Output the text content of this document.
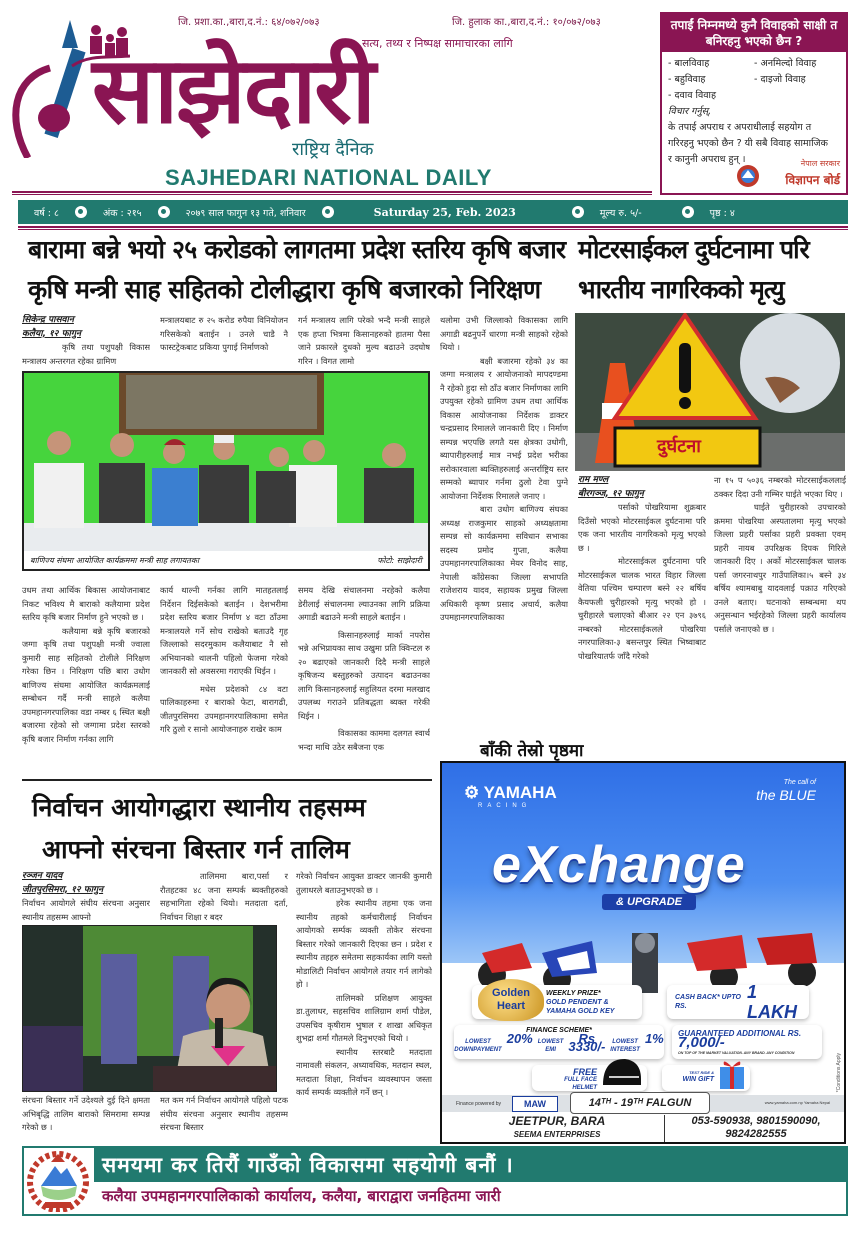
जि. प्रशा.का.,बारा,द.नं.: ६४/०७२/०७३	जि. हुलाक का.,बारा,द.नं.: १०/०७२/०७३
सत्य, तथ्य र निष्पक्ष सामाचारका लागि
साझेदारी
राष्ट्रिय दैनिक
SAJHEDARI NATIONAL DAILY
तपाईं निम्नमध्ये कुनै विवाहको साक्षी त बनिरहनु भएको छैन ?
- बालविवाह	- अनमिल्दो विवाह
- बहुविवाह	- दाइजो विवाह
- दवाव विवाह
विचार गर्नुस्,
के तपाई अपराध र अपराधीलाई सहयोग त गरिरहनु भएको छैन ? यी सबै विवाह सामाजिक र कानुनी अपराध हुन् ।	नेपाल सरकार
विज्ञापन बोर्ड
वर्ष : ८	अंक : २१५	२०७९ साल फागुन १३ गते, शनिवार	Saturday 25, Feb. 2023	मूल्य रु. ५/-	पृष्ठ : ४
बारामा बन्ने भयो २५ करोडको लागतमा प्रदेश स्तरिय कृषि बजार
कृषि मन्त्री साह सहितको टोलीद्धारा कृषि बजारको निरिक्षण
मोटरसाईकल दुर्घटनामा परि
भारतीय नागरिकको मृत्यु
सिकेन्द्र पासवान
कलैया, १२ फागुन
कृषि तथा पशुपक्षी विकास मन्त्रालय अन्तरगत रहेका ग्रामिण
मन्त्रालयबाट रु २५ करोड रुपैया विनियोजन गरिसकेको बताईन । उनले चाडै नै फास्टट्रेकबाट प्रकिया पुगाई निर्माणको
गर्न मन्त्रालय लागि परेको भन्दै मन्त्री साहले एक हप्ता भित्रमा किसानहरुको हातमा पैसा जाने प्रकारले दुधको मुल्य बढाउने उदघोष गरिन । विगत लामो
बाणिज्य संघमा आयोजित कार्यक्रममा मन्त्री साह लगायतका	फोटो: साझेदारी
उधम तथा आर्थिक बिकास आयोजनाबाट निकट भविश्य मै बाराको कलैयामा प्रदेश स्तरिय कृषि बजार निर्माण हुने भएको छ ।
कलैयामा बन्ने कृषि बजारको जग्गा कृषि तथा पशुपक्षी मन्त्री ज्वाला कुमारी साह सहितको टोलीले निरिक्षण गरेका छिन । निरिक्षण पछि बारा उधोग बाणिज्य संघमा आयोजित कार्यक्रमलाई सम्बोधन गर्दै मन्त्री साहले कलैया उपमहानगरपालिका वडा नम्बर ६ स्थित बक्षी बजारमा रहेको सो जग्गामा प्रदेश स्तरको कृषि बजार निर्माण गर्नका लागि
कार्य थाल्नी गर्नका लागि मातहतलाई निर्देशन दिईसकेको बताईन । देशभरीमा प्रदेश स्तरिय बजार निर्माण ४ वटा ठाँउमा मन्त्रालयले गर्ने सोच राखेको बताउदै गृह जिल्लाको सदरमुकाम कलैयाबाट नै सो अभियानको थालनी पहिलो फेजमा गरेको जानकारी सो अवसरमा गराएकी थिईन ।
मधेस प्रदेशको ८४ वटा पालिकाहरुमा र बाराको फेटा, बारागढी, जीतपुरसिमरा उपमहानगरपालिकामा समेत गरि ठुलो र सानो आयोजनाहरु राखेर काम
समय देखि संचालनमा नरहेको कलैया डेरीलाई संचालनमा ल्याउनका लागि प्रक्रिया अगाडी बढाउने मन्त्री साहले बताईन ।
किसानहरुलाई मार्का नपरोस भन्ने अभिप्रायका साथ उखुमा प्रति क्विन्टल रु २० बढाएको जानकारी दिदै मन्त्री साहले कृषिजन्य बस्तुहरुको उत्पादन बढाउनका लागि किसानहरुलाई सहुलियत दरमा मलखाद उपलब्ध गराउने प्रतिबद्धता ब्यक्त गरेकी थिईन ।
विकासका काममा दलगत स्वार्थ भन्दा माथि उठेर सबैजना एक
थलोमा उभी जिल्लाको विकासका लागि अगाडी बढनुपर्ने धारणा मन्त्री साहको रहेको थियो ।
बक्षी बजारमा रहेको ३४ का जग्गा मन्त्रालय र आयोजनाको मापदण्डमा नै रहेको हुदा सो ठाँउ बजार निर्माणका लागि उपयुक्त रहेको ग्रामिण उधम तथा आर्थिक विकास आयोजनाका निर्देशक डाक्टर चन्द्रप्रसाद रिमालले जानकारी दिए । निर्माण सम्पन्न भएपछि लगतै यस क्षेत्रका उधोगी, ब्यापारीहरुलाई मात्र नभई प्रदेश भरीका सरोकारवाला ब्यक्तिहरुलाई अन्तर्राष्ट्रिय स्तर सम्मको ब्यापार गर्नमा ठुलो टेवा पुग्ने आयोजना निर्देशक रिमालले जनाए ।
बारा उधोग बाणिज्य संघका अध्यक्ष राजकुमार साहको अध्यक्षतामा सम्पन्न सो कार्यक्रममा सविधान सभाका सदस्य प्रमोद गुप्ता, कलैया उपमहानगरपालिकाका मेयर विनोद साह, नेपाली काँग्रेसका जिल्ला सभापति राजेशराय यादव, सहायक प्रमुख जिल्ला अधिकारी कृष्ण प्रसाद अचार्य, कलैया उपमहानगरपालिकाका
बाँकी तेस्रो पृष्ठमा
दुर्घटना
राम मण्ल
बीरगञ्ज, १२ फागुन
पर्साको पोखरियामा शुक्रबार दिउँसो भएको मोटरसाईकल दुर्घटनामा परि एक जना भारतीय नागरिकको मृत्यु भएको छ ।
मोटरसाईकल दुर्घटनामा परि मोटरसाईकल चालक भारत विहार जिल्ला वेतिया पश्चिम चम्पारण बस्ने २२ बर्षिय कैयफली चुरीहारको मृत्यु भएको हो । चुरीहारले चलाएको बीआर २२ एन ३७९६ नम्बरको मोटरसाईकलले पोखरिया नगरपालिका-३ बसन्तपुर स्थित भिष्वाबाट पोखरियातर्फ जाँदै गरेको
ना १५ प ५०३६ नम्बरको मोटरसाईकललाई ठक्कर दिदा उनी गम्भिर घाईते भएका थिए ।
घाईते चुरीहारको उपचारको क्रममा पोखरिया अस्पतालमा मृत्यु भएको जिल्ला प्रहरी पर्साका प्रहरी प्रवक्ता एवम् प्रहरी नायब उपरिक्षक दिपक गिरिले जानकारी दिए । अर्को मोटरसाईकल चालक पर्सा जगरनाथपुर गाउँपालिका।५ बस्ने ३४ बर्षिय श्यामबाबु यादवलाई पक्राउ गरिएको उनले बताए। घटनाको सम्बन्धमा थप अनुसन्धान भईरहेको जिल्ला प्रहरी कार्यालय पर्साले जनाएको छ ।
निर्वाचन आयोगद्धारा स्थानीय तहसम्म
आफ्नो संरचना बिस्तार गर्न तालिम
रञ्जन यादव
जीतपुरसिमरा, १२ फागुन
निर्वाचन आयोगले संघीय संरचना अनुसार स्थानीय तहसम्म आफ्नो
तालिममा बारा,पर्सा र रौतहटका ४८ जना सम्पर्क ब्यक्तीहरुको सहभागिता रहेको थियो। मतदाता दर्ता, निर्वाचन शिक्षा र बदर
संरचना बिस्तार गर्ने उदेश्यले दुई दिने क्षमता अभिबृद्धि तालिम बाराको सिमरामा सम्पन्न गरेको छ ।
मत कम गर्न निर्वाचन आयोगले पहिलो पटक संघीय संरचना अनुसार स्थानीय तहसम्म संरचना बिस्तार
गरेको निर्वाचन आयुक्त डाक्टर जानकी कुमारी तुलाधरले बताउनुभएको छ ।
हरेक स्थानीय तहमा एक जना स्थानीय तहको कर्मचारीलाई निर्वाचन आयोगको सर्म्पक व्यक्ती तोकेर संरचना बिस्तार गरेको जानकारी दिएका छन । प्रदेश र स्थानीय तहहरु समेतमा सहकार्यका लागि यस्तो मोडालिटी निर्वाचन आयोगले तयार गर्न लागेको हो ।
तालिमको प्रशिक्षण आयुक्त डा.तुलाधर, सहसचिव शालिग्राम शर्मा पौडेल, उपसचिव कृषीराम भुषाल र शाखा अधिकृत शुभद्रा शर्मा गौतमले दिनुभएको थियो ।
स्थानीय स्तरबाटै मतदाता नामावली संकलन, अध्यावधिक, मतदान स्थल, मतदाता शिक्षा, निर्वाचन व्यवस्थापन जस्ता कार्य सम्पर्क व्यक्तीले गर्ने छन् ।
⚙ YAMAHA
RACING
The call of
the BLUE
eXchange
& UPGRADE
Golden Heart
WEEKLY PRIZE*
GOLD PENDENT & YAMAHA GOLD KEY
CASH BACK* UPTO RS.
1 LAKH
FINANCE SCHEME*
LOWEST DOWNPAYMENT
20% LOWEST EMI
Rs 3330/-	LOWEST INTEREST
1%	GUARANTEED ADDITIONAL RS. 7,000/-
ON TOP OF THE MARKET VALUATION. ANY BRAND. ANY CONDITION
FREE
FULL FACE HELMET
TEST RIDE &
WIN GIFT	*Conditions Apply
Finance powered by	MAW	14ᵀᴴ - 19ᵀᴴ FALGUN	www.yamaha.com.np Yamaha Nepal
JEETPUR, BARA
SEEMA ENTERPRISES
053-590938, 9801590090, 9824282555
समयमा कर तिरौं गाउँको विकासमा सहयोगी बनौं ।
कलैया उपमहानगरपालिकाको कार्यालय, कलैया, बाराद्वारा जनहितमा जारी
